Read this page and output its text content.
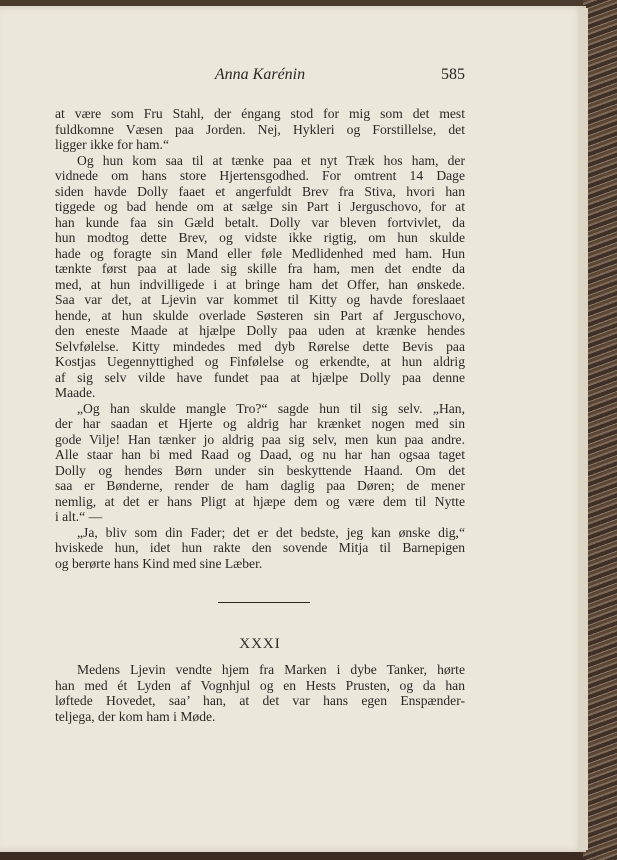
Anna Karénin	585
at være som Fru Stahl, der éngang stod for mig som det mest
fuldkomne Væsen paa Jorden. Nej, Hykleri og Forstillelse, det
ligger ikke for ham.“
Og hun kom saa til at tænke paa et nyt Træk hos ham, der
vidnede om hans store Hjertensgodhed. For omtrent 14 Dage
siden havde Dolly faaet et angerfuldt Brev fra Stiva, hvori han
tiggede og bad hende om at sælge sin Part i Jerguschovo, for at
han kunde faa sin Gæld betalt. Dolly var bleven fortvivlet, da
hun modtog dette Brev, og vidste ikke rigtig, om hun skulde
hade og foragte sin Mand eller føle Medlidenhed med ham. Hun
tænkte først paa at lade sig skille fra ham, men det endte da
med, at hun indvilligede i at bringe ham det Offer, han ønskede.
Saa var det, at Ljevin var kommet til Kitty og havde foreslaaet
hende, at hun skulde overlade Søsteren sin Part af Jerguschovo,
den eneste Maade at hjælpe Dolly paa uden at krænke hendes
Selvfølelse. Kitty mindedes med dyb Rørelse dette Bevis paa
Kostjas Uegennyttighed og Finfølelse og erkendte, at hun aldrig
af sig selv vilde have fundet paa at hjælpe Dolly paa denne
Maade.
„Og han skulde mangle Tro?“ sagde hun til sig selv. „Han,
der har saadan et Hjerte og aldrig har krænket nogen med sin
gode Vilje! Han tænker jo aldrig paa sig selv, men kun paa andre.
Alle staar han bi med Raad og Daad, og nu har han ogsaa taget
Dolly og hendes Børn under sin beskyttende Haand. Om det
saa er Bønderne, render de ham daglig paa Døren; de mener
nemlig, at det er hans Pligt at hjæpe dem og være dem til Nytte
i alt.“ —
„Ja, bliv som din Fader; det er det bedste, jeg kan ønske dig,“
hviskede hun, idet hun rakte den sovende Mitja til Barnepigen
og berørte hans Kind med sine Læber.
XXXI
Medens Ljevin vendte hjem fra Marken i dybe Tanker, hørte
han med ét Lyden af Vognhjul og en Hests Prusten, og da han
løftede Hovedet, saa’ han, at det var hans egen Enspænder-
teljega, der kom ham i Møde.
